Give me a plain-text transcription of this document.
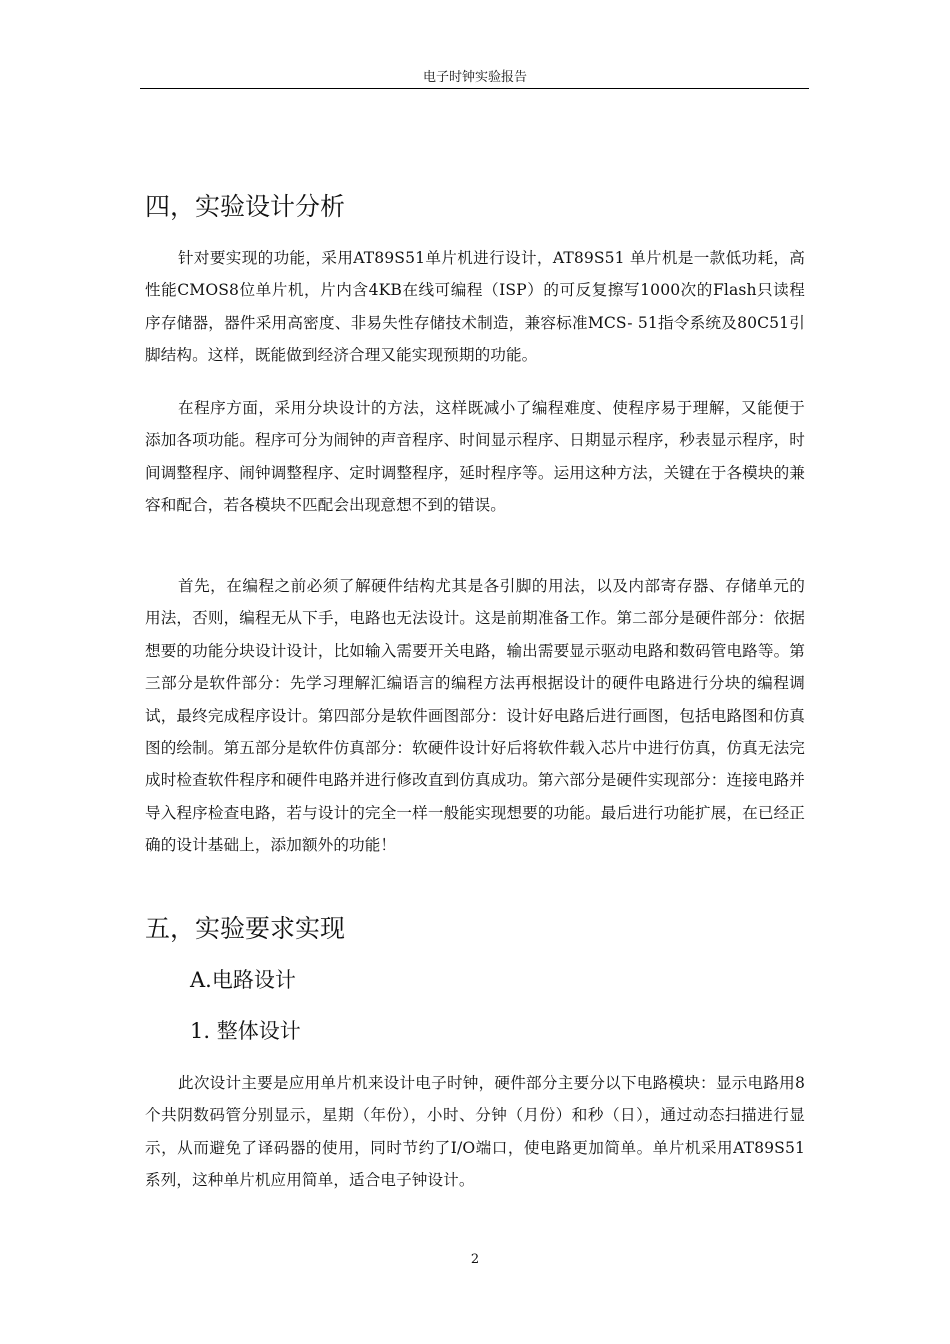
电子时钟实验报告
四，实验设计分析

针对要实现的功能，采用AT89S51单片机进行设计，AT89S51 单片机是一款低功耗，高性能CMOS8位单片机，片内含4KB在线可编程（ISP）的可反复擦写1000次的Flash只读程序存储器，器件采用高密度、非易失性存储技术制造，兼容标准MCS- 51指令系统及80C51引脚结构。这样，既能做到经济合理又能实现预期的功能。

在程序方面，采用分块设计的方法，这样既减小了编程难度、使程序易于理解，又能便于添加各项功能。程序可分为闹钟的声音程序、时间显示程序、日期显示程序，秒表显示程序，时间调整程序、闹钟调整程序、定时调整程序，延时程序等。运用这种方法，关键在于各模块的兼容和配合，若各模块不匹配会出现意想不到的错误。

首先，在编程之前必须了解硬件结构尤其是各引脚的用法，以及内部寄存器、存储单元的用法，否则，编程无从下手，电路也无法设计。这是前期准备工作。第二部分是硬件部分：依据想要的功能分块设计设计，比如输入需要开关电路，输出需要显示驱动电路和数码管电路等。第三部分是软件部分：先学习理解汇编语言的编程方法再根据设计的硬件电路进行分块的编程调试，最终完成程序设计。第四部分是软件画图部分：设计好电路后进行画图，包括电路图和仿真图的绘制。第五部分是软件仿真部分：软硬件设计好后将软件载入芯片中进行仿真，仿真无法完成时检查软件程序和硬件电路并进行修改直到仿真成功。第六部分是硬件实现部分：连接电路并导入程序检查电路，若与设计的完全一样一般能实现想要的功能。最后进行功能扩展，在已经正确的设计基础上，添加额外的功能！

五，实验要求实现
A.电路设计
1. 整体设计

此次设计主要是应用单片机来设计电子时钟，硬件部分主要分以下电路模块：显示电路用8个共阴数码管分别显示，星期（年份），小时、分钟（月份）和秒（日），通过动态扫描进行显示，从而避免了译码器的使用，同时节约了I/O端口，使电路更加简单。单片机采用AT89S51系列，这种单片机应用简单，适合电子钟设计。

2
